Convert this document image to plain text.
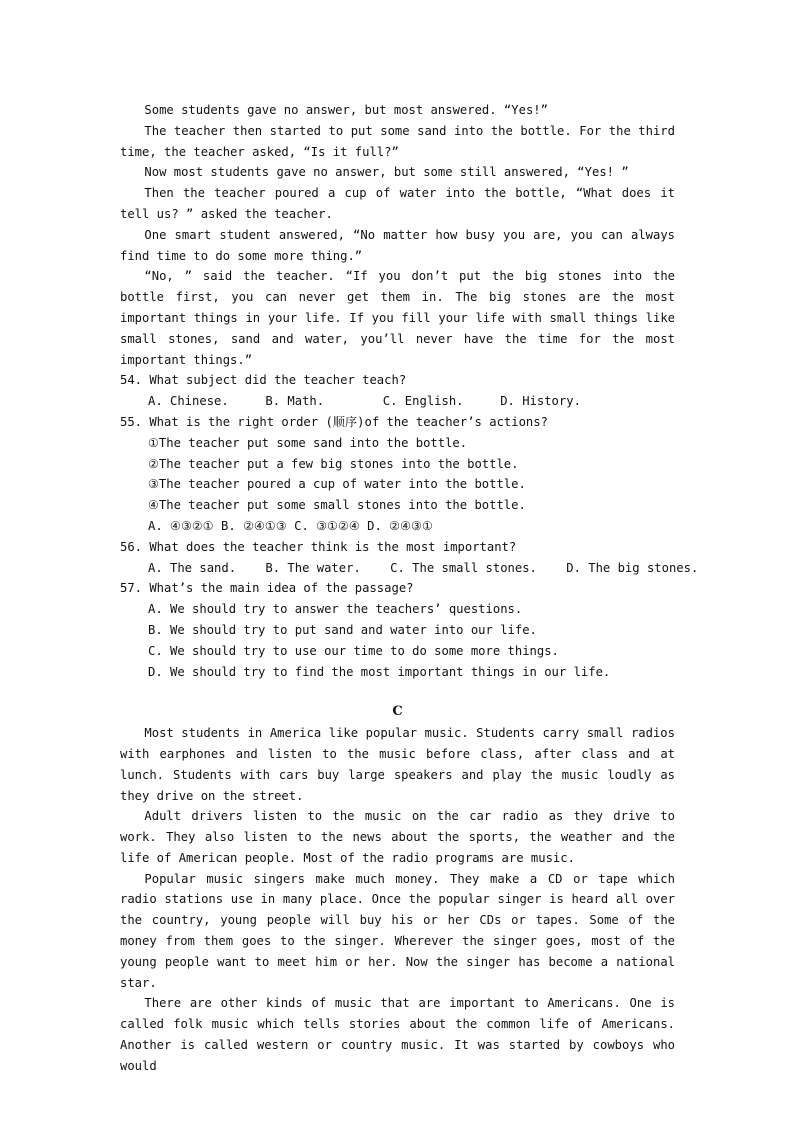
Some students gave no answer, but most answered. “Yes!”

The teacher then started to put some sand into the bottle. For the third time, the teacher asked, “Is it full?”

Now most students gave no answer, but some still answered, “Yes! ”

Then the teacher poured a cup of water into the bottle, “What does it tell us? ” asked the teacher.

One smart student answered, “No matter how busy you are, you can always find time to do some more thing.”

“No, ” said the teacher. “If you don’t put the big stones into the bottle first, you can never get them in. The big stones are the most important things in your life. If you fill your life with small things like small stones, sand and water, you’ll never have the time for the most important things.”

54. What subject did the teacher teach?

A. Chinese.     B. Math.        C. English.     D. History.

55. What is the right order (顺序)of the teacher’s actions?

①The teacher put some sand into the bottle.

②The teacher put a few big stones into the bottle.

③The teacher poured a cup of water into the bottle.

④The teacher put some small stones into the bottle.

A. ④③②① B. ②④①③ C. ③①②④ D. ②④③①

56. What does the teacher think is the most important?

A. The sand.    B. The water.    C. The small stones.    D. The big stones.

57. What’s the main idea of the passage?

A. We should try to answer the teachers’ questions.

B. We should try to put sand and water into our life.

C. We should try to use our time to do some more things.

D. We should try to find the most important things in our life.

C

Most students in America like popular music. Students carry small radios with earphones and listen to the music before class, after class and at lunch. Students with cars buy large speakers and play the music loudly as they drive on the street.

Adult drivers listen to the music on the car radio as they drive to work. They also listen to the news about the sports, the weather and the life of American people. Most of the radio programs are music.

Popular music singers make much money. They make a CD or tape which radio stations use in many place. Once the popular singer is heard all over the country, young people will buy his or her CDs or tapes. Some of the money from them goes to the singer. Wherever the singer goes, most of the young people want to meet him or her. Now the singer has become a national star.

There are other kinds of music that are important to Americans. One is called folk music which tells stories about the common life of Americans. Another is called western or country music. It was started by cowboys who would
